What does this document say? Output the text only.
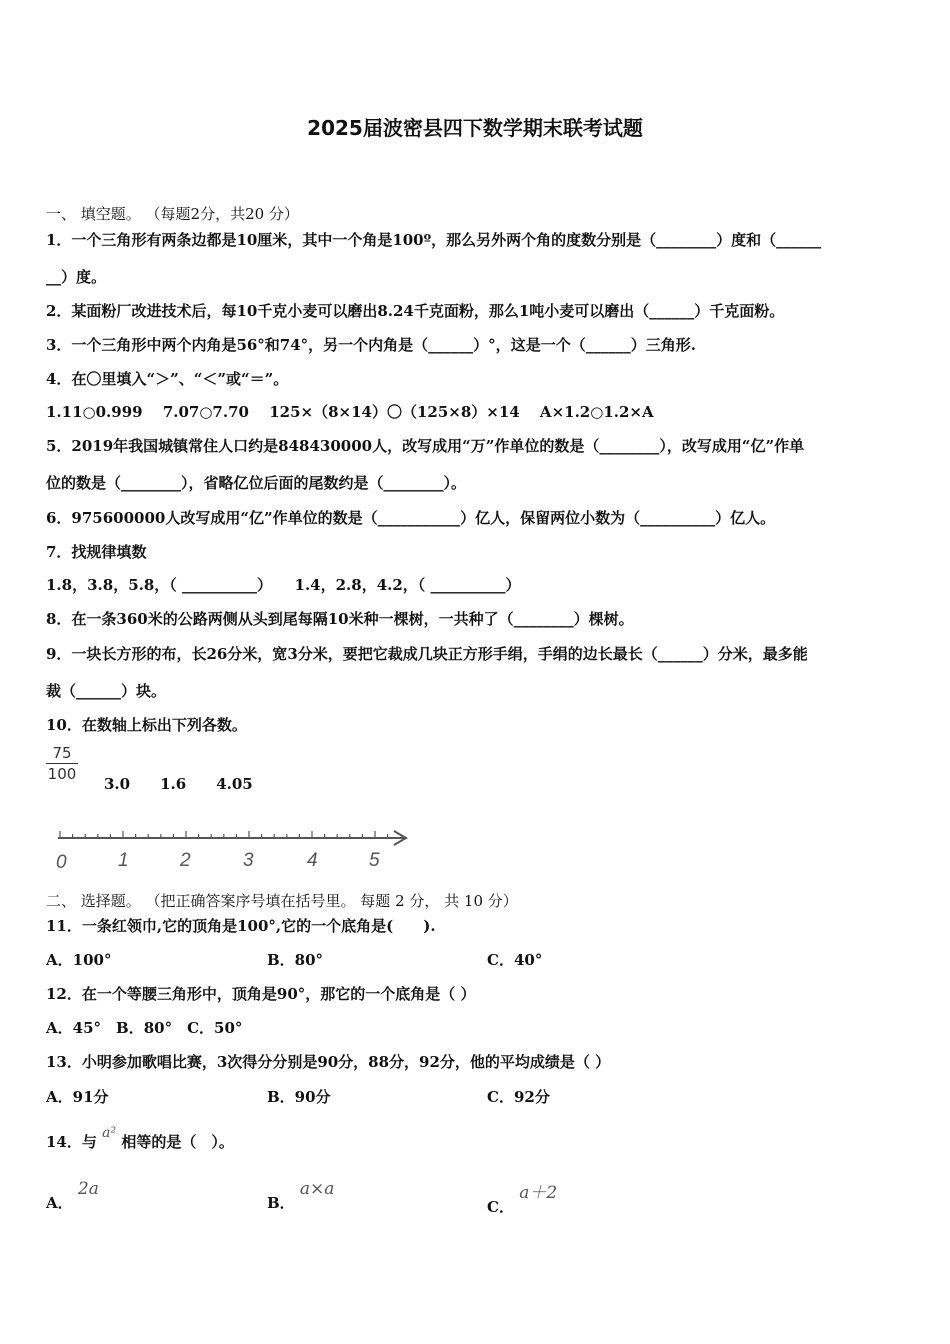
2025届波密县四下数学期末联考试题
一、 填空题。 （每题2分，共20 分）
1．一个三角形有两条边都是10厘米，其中一个角是100º，那么另外两个角的度数分别是（________）度和（______
__）度。
2．某面粉厂改进技术后，每10千克小麦可以磨出8.24千克面粉，那么1吨小麦可以磨出（______）千克面粉。
3．一个三角形中两个内角是56°和74°，另一个内角是（______）°，这是一个（______）三角形.
4．在〇里填入“＞”、“＜”或“＝”。
1.11○0.999　 7.07○7.70　 125×（8×14）〇（125×8）×14　 A×1.2○1.2×A
5．2019年我国城镇常住人口约是848430000人，改写成用“万”作单位的数是（________），改写成用“亿”作单
位的数是（________），省略亿位后面的尾数约是（________）。
6．975600000人改写成用“亿”作单位的数是（___________）亿人，保留两位小数为（__________）亿人。
7．找规律填数
1.8，3.8，5.8，（ __________）　　1.4，2.8，4.2，（ __________）
8．在一条360米的公路两侧从头到尾每隔10米种一棵树，一共种了（________）棵树。
9．一块长方形的布，长26分米，宽3分米，要把它裁成几块正方形手绢，手绢的边长最长（______）分米，最多能
裁（______）块。
10．在数轴上标出下列各数。
$\frac{75}{100}$
3.0　　1.6　　4.05
0	1	2	3	4	5
二、 选择题。 （把正确答案序号填在括号里。 每题 2 分， 共 10 分）
11．一条红领巾,它的顶角是100°,它的一个底角是(　　).
A．100°	B．80°	C．40°
12．在一个等腰三角形中，顶角是90°，那它的一个底角是（ ）
A．45°　B．80°　C．50°
13．小明参加歌唱比赛，3次得分分别是90分，88分，92分，他的平均成绩是（ ）
A．91分	B．90分	C．92分
14．与 a² 相等的是（　）。
A． 2a
B． a×a
C． a＋2
